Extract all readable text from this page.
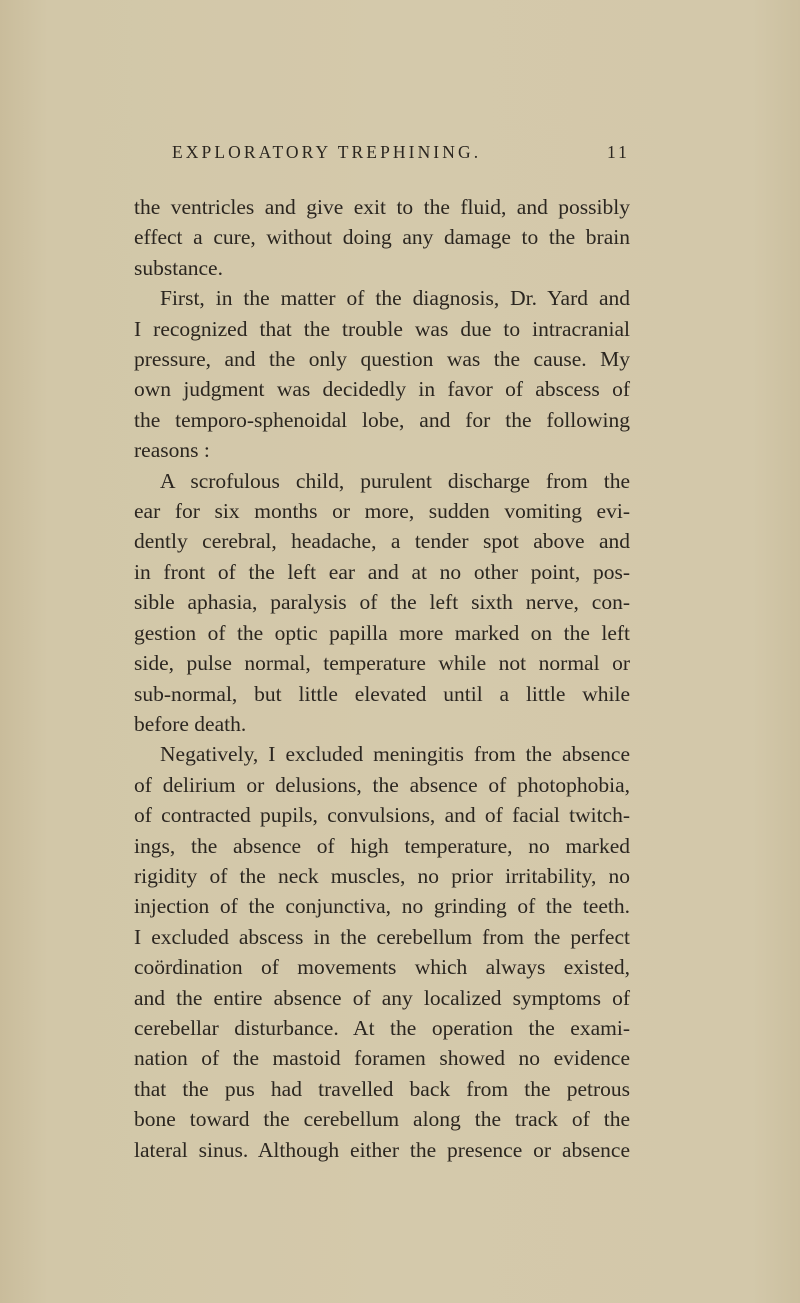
EXPLORATORY TREPHINING.	11
the ventricles and give exit to the fluid, and possibly
effect a cure, without doing any damage to the brain
substance.
First, in the matter of the diagnosis, Dr. Yard and
I recognized that the trouble was due to intracranial
pressure, and the only question was the cause. My
own judgment was decidedly in favor of abscess of
the temporo-sphenoidal lobe, and for the following
reasons :
A scrofulous child, purulent discharge from the
ear for six months or more, sudden vomiting evi-
dently cerebral, headache, a tender spot above and
in front of the left ear and at no other point, pos-
sible aphasia, paralysis of the left sixth nerve, con-
gestion of the optic papilla more marked on the left
side, pulse normal, temperature while not normal or
sub-normal, but little elevated until a little while
before death.
Negatively, I excluded meningitis from the absence
of delirium or delusions, the absence of photophobia,
of contracted pupils, convulsions, and of facial twitch-
ings, the absence of high temperature, no marked
rigidity of the neck muscles, no prior irritability, no
injection of the conjunctiva, no grinding of the teeth.
I excluded abscess in the cerebellum from the perfect
coördination of movements which always existed,
and the entire absence of any localized symptoms of
cerebellar disturbance. At the operation the exami-
nation of the mastoid foramen showed no evidence
that the pus had travelled back from the petrous
bone toward the cerebellum along the track of the
lateral sinus. Although either the presence or absence
